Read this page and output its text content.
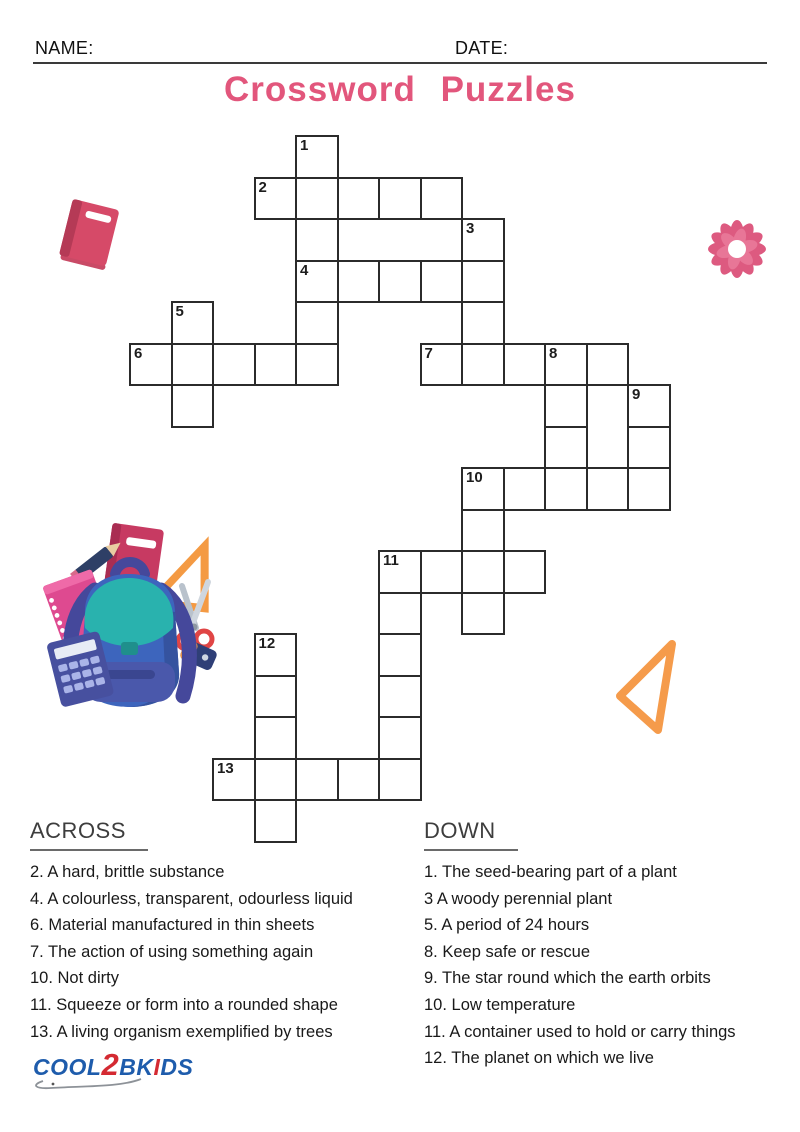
NAME:	DATE:
Crossword Puzzles
1
2
3
4
5
6	7	8
9
10
11
12
13
ACROSS
2. A hard, brittle substance
4. A colourless, transparent, odourless liquid
6. Material manufactured in thin sheets
7. The action of using something again
10. Not dirty
11. Squeeze or form into a rounded shape
13. A living organism exemplified by trees
DOWN
1. The seed-bearing part of a plant
3 A woody perennial plant
5. A period of 24 hours
8. Keep safe or rescue
9. The star round which the earth orbits
10. Low temperature
11. A container used to hold or carry things
12. The planet on which we live
COOL2BKIDS
